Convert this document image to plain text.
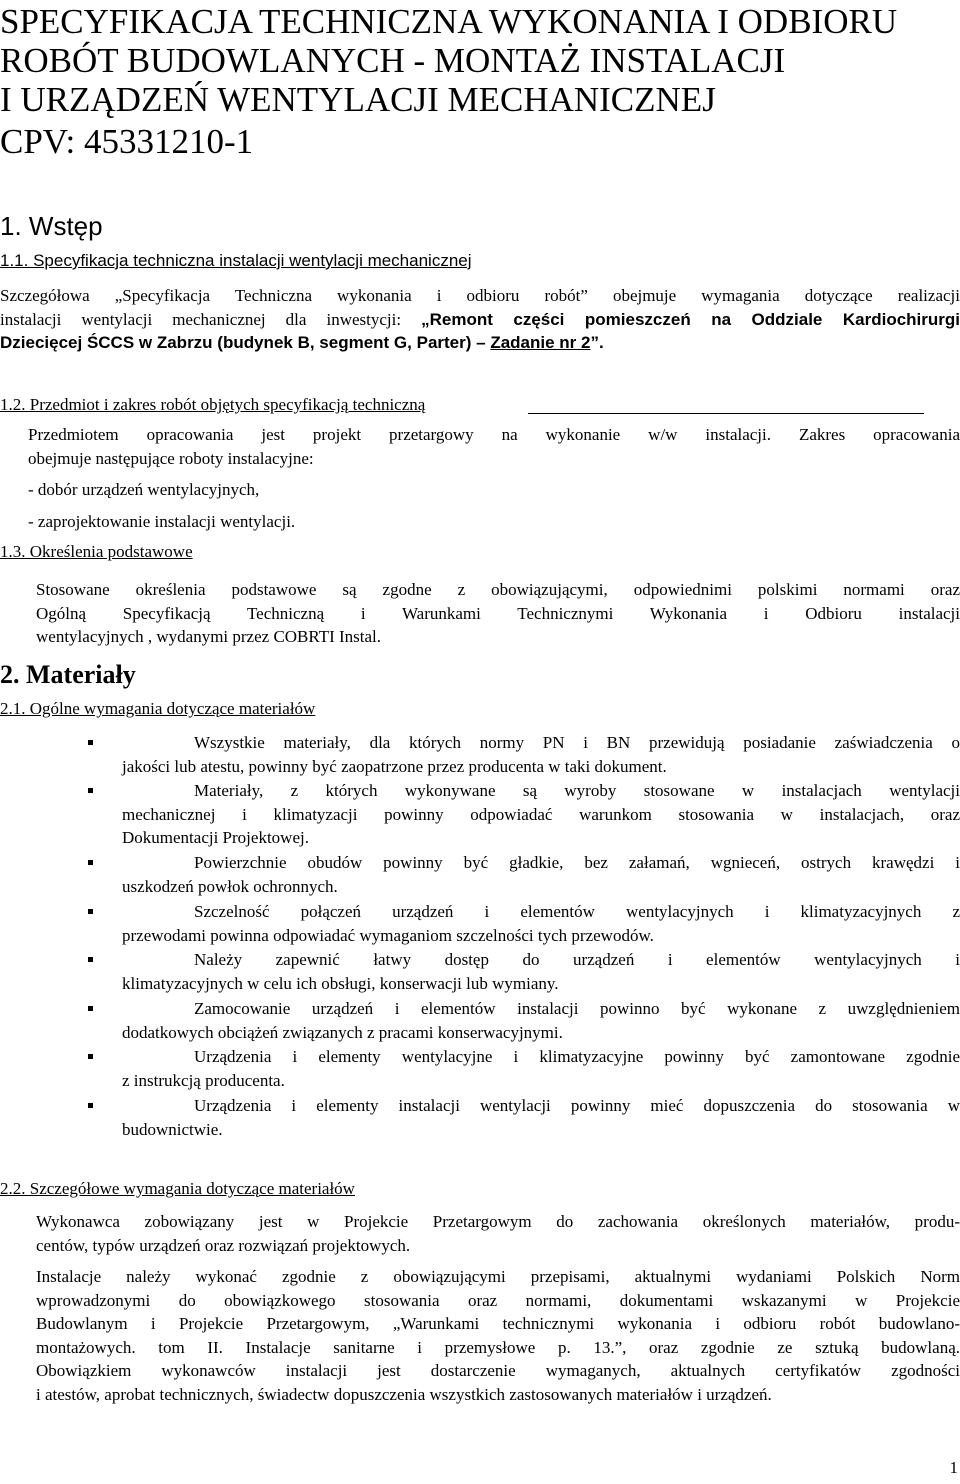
SPECYFIKACJA TECHNICZNA WYKONANIA I ODBIORU
ROBÓT BUDOWLANYCH - MONTAŻ INSTALACJI
I URZĄDZEŃ WENTYLACJI MECHANICZNEJ
CPV: 45331210-1
1. Wstęp
1.1. Specyfikacja techniczna instalacji wentylacji mechanicznej
Szczegółowa „Specyfikacja Techniczna wykonania i odbioru robót” obejmuje wymagania dotyczące realizacji
instalacji wentylacji mechanicznej dla inwestycji: „Remont części pomieszczeń na Oddziale Kardiochirurgi
Dziecięcej ŚCCS w Zabrzu (budynek B, segment G, Parter) – Zadanie nr 2”.
1.2. Przedmiot i zakres robót objętych specyfikacją techniczną
Przedmiotem opracowania jest projekt przetargowy na wykonanie w/w instalacji. Zakres opracowania
obejmuje następujące roboty instalacyjne:
- dobór urządzeń wentylacyjnych,
- zaprojektowanie instalacji wentylacji.
1.3. Określenia podstawowe
Stosowane określenia podstawowe są zgodne z obowiązującymi, odpowiednimi polskimi normami oraz
Ogólną Specyfikacją Techniczną i Warunkami Technicznymi Wykonania i Odbioru instalacji
wentylacyjnych , wydanymi przez COBRTI Instal.
2. Materiały
2.1. Ogólne wymagania dotyczące materiałów
Wszystkie materiały, dla których normy PN i BN przewidują posiadanie zaświadczenia o
jakości lub atestu, powinny być zaopatrzone przez producenta w taki dokument.
Materiały, z których wykonywane są wyroby stosowane w instalacjach wentylacji
mechanicznej i klimatyzacji powinny odpowiadać warunkom stosowania w instalacjach, oraz
Dokumentacji Projektowej.
Powierzchnie obudów powinny być gładkie, bez załamań, wgnieceń, ostrych krawędzi i
uszkodzeń powłok ochronnych.
Szczelność połączeń urządzeń i elementów wentylacyjnych i klimatyzacyjnych z
przewodami powinna odpowiadać wymaganiom szczelności tych przewodów.
Należy zapewnić łatwy dostęp do urządzeń i elementów wentylacyjnych i
klimatyzacyjnych w celu ich obsługi, konserwacji lub wymiany.
Zamocowanie urządzeń i elementów instalacji powinno być wykonane z uwzględnieniem
dodatkowych obciążeń związanych z pracami konserwacyjnymi.
Urządzenia i elementy wentylacyjne i klimatyzacyjne powinny być zamontowane zgodnie
z instrukcją producenta.
Urządzenia i elementy instalacji wentylacji powinny mieć dopuszczenia do stosowania w
budownictwie.
2.2. Szczegółowe wymagania dotyczące materiałów
Wykonawca zobowiązany jest w Projekcie Przetargowym do zachowania określonych materiałów, produ-
centów, typów urządzeń oraz rozwiązań projektowych.
Instalacje należy wykonać zgodnie z obowiązującymi przepisami, aktualnymi wydaniami Polskich Norm
wprowadzonymi do obowiązkowego stosowania oraz normami, dokumentami wskazanymi w Projekcie
Budowlanym i Projekcie Przetargowym, „Warunkami technicznymi wykonania i odbioru robót budowlano-
montażowych. tom II. Instalacje sanitarne i przemysłowe p. 13.”, oraz zgodnie ze sztuką budowlaną.
Obowiązkiem wykonawców instalacji jest dostarczenie wymaganych, aktualnych certyfikatów zgodności
i atestów, aprobat technicznych, świadectw dopuszczenia wszystkich zastosowanych materiałów i urządzeń.
1
